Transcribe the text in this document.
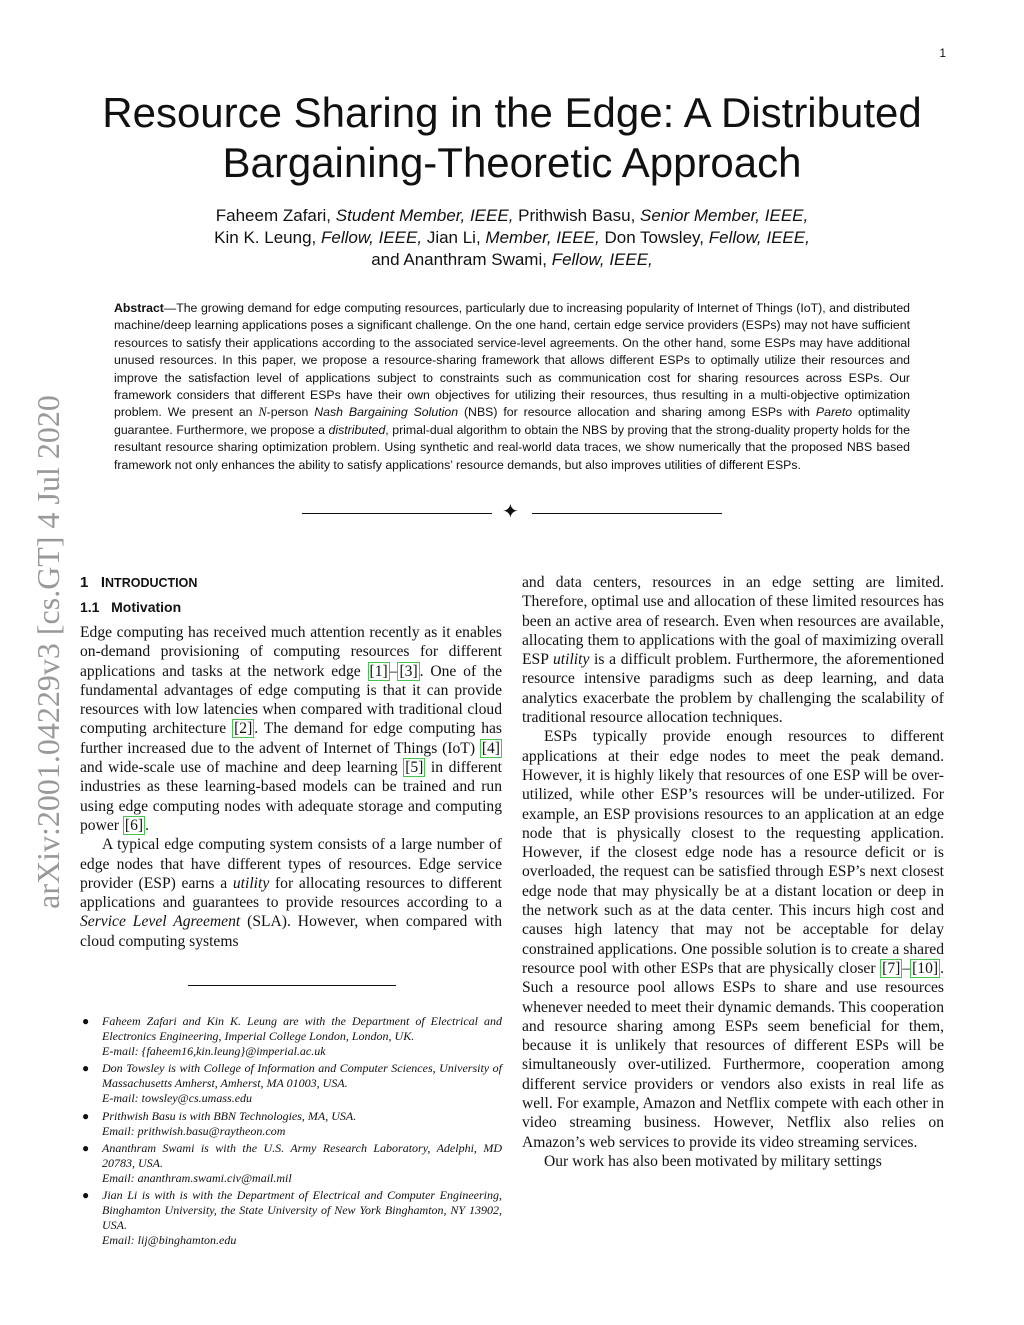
1
arXiv:2001.04229v3 [cs.GT] 4 Jul 2020
Resource Sharing in the Edge: A Distributed Bargaining-Theoretic Approach
Faheem Zafari, Student Member, IEEE, Prithwish Basu, Senior Member, IEEE,
Kin K. Leung, Fellow, IEEE, Jian Li, Member, IEEE, Don Towsley, Fellow, IEEE,
and Ananthram Swami, Fellow, IEEE,
Abstract—The growing demand for edge computing resources, particularly due to increasing popularity of Internet of Things (IoT), and distributed machine/deep learning applications poses a significant challenge. On the one hand, certain edge service providers (ESPs) may not have sufficient resources to satisfy their applications according to the associated service-level agreements. On the other hand, some ESPs may have additional unused resources. In this paper, we propose a resource-sharing framework that allows different ESPs to optimally utilize their resources and improve the satisfaction level of applications subject to constraints such as communication cost for sharing resources across ESPs. Our framework considers that different ESPs have their own objectives for utilizing their resources, thus resulting in a multi-objective optimization problem. We present an N-person Nash Bargaining Solution (NBS) for resource allocation and sharing among ESPs with Pareto optimality guarantee. Furthermore, we propose a distributed, primal-dual algorithm to obtain the NBS by proving that the strong-duality property holds for the resultant resource sharing optimization problem. Using synthetic and real-world data traces, we show numerically that the proposed NBS based framework not only enhances the ability to satisfy applications’ resource demands, but also improves utilities of different ESPs.
✦
1 INTRODUCTION
1.1 Motivation

Edge computing has received much attention recently as it enables on-demand provisioning of computing resources for different applications and tasks at the network edge [1] – [3] . One of the fundamental advantages of edge computing is that it can provide resources with low latencies when compared with traditional cloud computing architecture [2] . The demand for edge computing has further increased due to the advent of Internet of Things (IoT) [4] and wide-scale use of machine and deep learning [5] in different industries as these learning-based models can be trained and run using edge computing nodes with adequate storage and computing power [6] .

A typical edge computing system consists of a large number of edge nodes that have different types of resources. Edge service provider (ESP) earns a utility for allocating resources to different applications and guarantees to provide resources according to a Service Level Agreement (SLA). However, when compared with cloud computing systems

● Faheem Zafari and Kin K. Leung are with the Department of Electrical and Electronics Engineering, Imperial College London, London, UK.
E-mail: {faheem16,kin.leung}@imperial.ac.uk
● Don Towsley is with College of Information and Computer Sciences, University of Massachusetts Amherst, Amherst, MA 01003, USA.
E-mail: towsley@cs.umass.edu
● Prithwish Basu is with BBN Technologies, MA, USA.
Email: prithwish.basu@raytheon.com
● Ananthram Swami is with the U.S. Army Research Laboratory, Adelphi, MD 20783, USA.
Email: ananthram.swami.civ@mail.mil
● Jian Li is with is with the Department of Electrical and Computer Engineering, Binghamton University, the State University of New York Binghamton, NY 13902, USA.
Email: lij@binghamton.edu

and data centers, resources in an edge setting are limited. Therefore, optimal use and allocation of these limited resources has been an active area of research. Even when resources are available, allocating them to applications with the goal of maximizing overall ESP utility is a difficult problem. Furthermore, the aforementioned resource intensive paradigms such as deep learning, and data analytics exacerbate the problem by challenging the scalability of traditional resource allocation techniques.

ESPs typically provide enough resources to different applications at their edge nodes to meet the peak demand. However, it is highly likely that resources of one ESP will be over-utilized, while other ESP’s resources will be under-utilized. For example, an ESP provisions resources to an application at an edge node that is physically closest to the requesting application. However, if the closest edge node has a resource deficit or is overloaded, the request can be satisfied through ESP’s next closest edge node that may physically be at a distant location or deep in the network such as at the data center. This incurs high cost and causes high latency that may not be acceptable for delay constrained applications. One possible solution is to create a shared resource pool with other ESPs that are physically closer [7] – [10] . Such a resource pool allows ESPs to share and use resources whenever needed to meet their dynamic demands. This cooperation and resource sharing among ESPs seem beneficial for them, because it is unlikely that resources of different ESPs will be simultaneously over-utilized. Furthermore, cooperation among different service providers or vendors also exists in real life as well. For example, Amazon and Netflix compete with each other in video streaming business. However, Netflix also relies on Amazon’s web services to provide its video streaming services.

Our work has also been motivated by military settings
